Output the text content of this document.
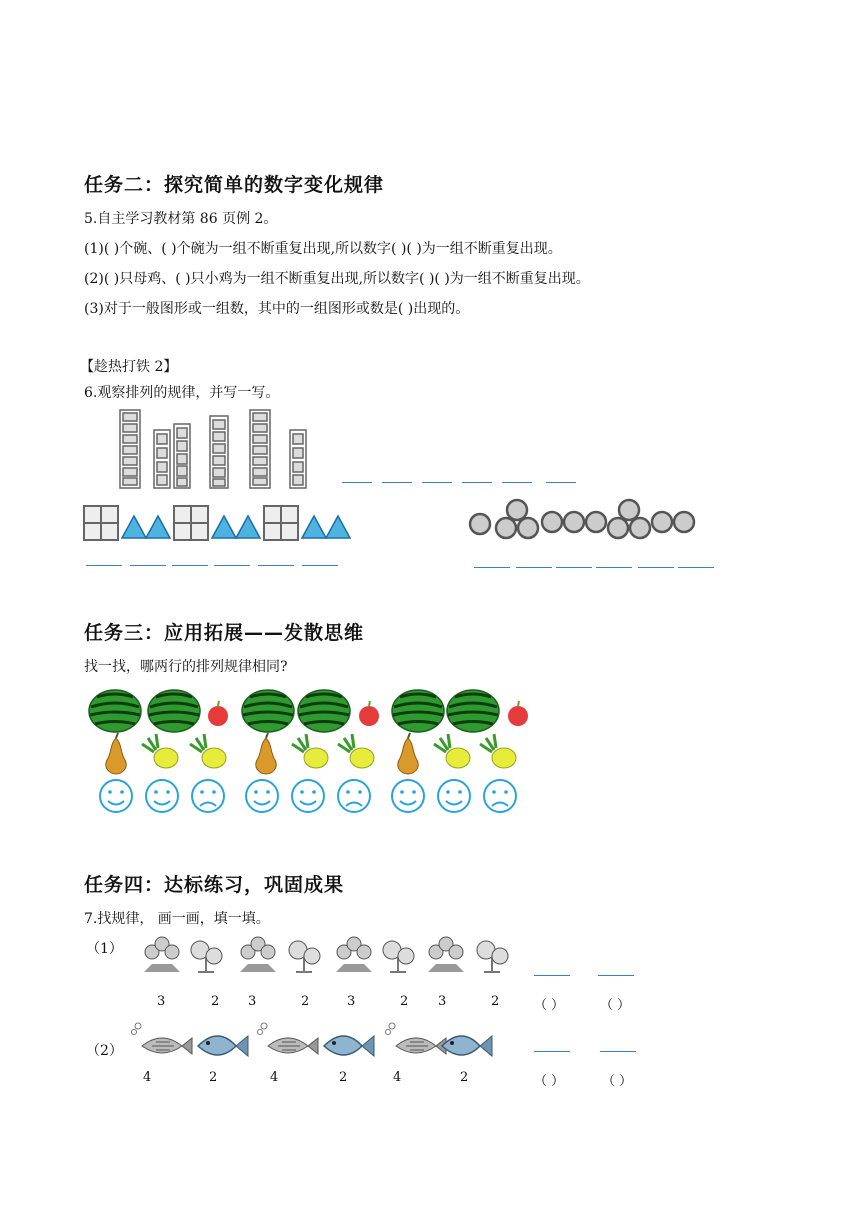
任务二：探究简单的数字变化规律
5.自主学习教材第 86 页例 2。
(1)( )个碗、( )个碗为一组不断重复出现,所以数字( )( )为一组不断重复出现。
(2)( )只母鸡、( )只小鸡为一组不断重复出现,所以数字( )( )为一组不断重复出现。
(3)对于一般图形或一组数，其中的一组图形或数是( )出现的。
【趁热打铁 2】
6.观察排列的规律，并写一写。
任务三：应用拓展——发散思维
找一找，哪两行的排列规律相同?
任务四：达标练习，巩固成果
7.找规律， 画一画，填一填。
（1）
3	2 3	2	3	2 3	2	（ ）	（ ）
（2）
4	2	4	2	4	2	（ ）	（ ）
